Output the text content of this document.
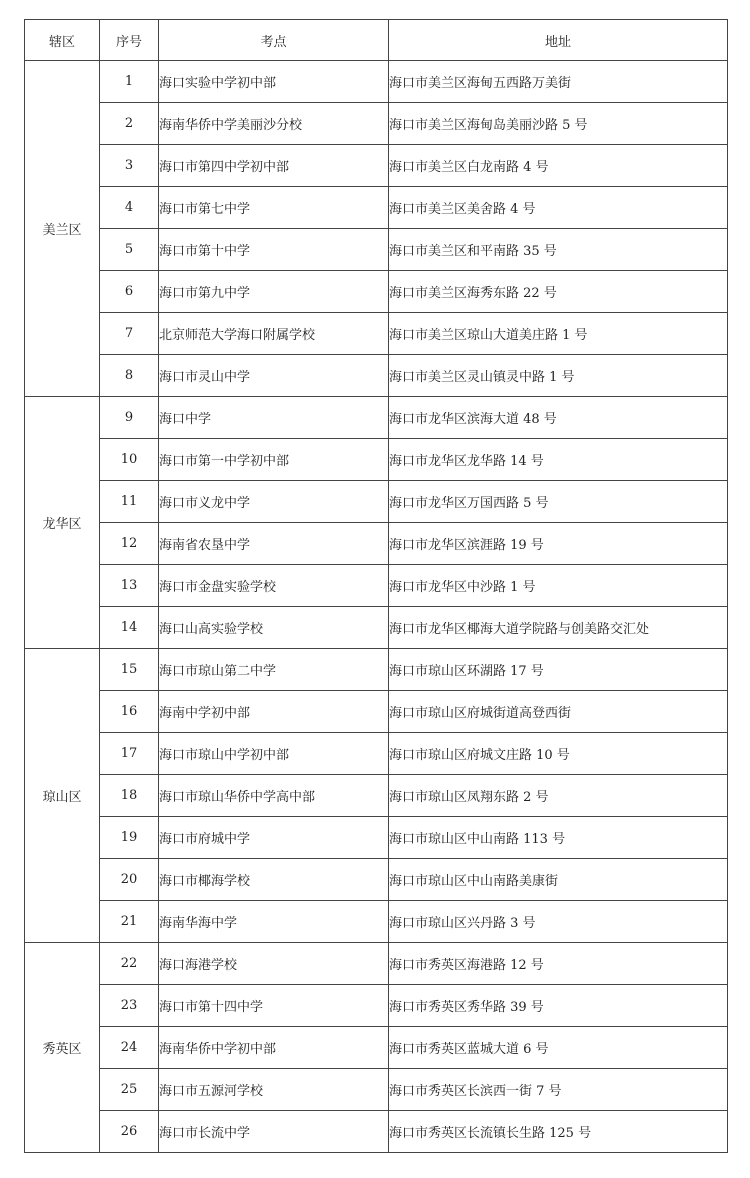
辖区	序号	考点	地址
美兰区	1	海口实验中学初中部	海口市美兰区海甸五西路万美街
	2	海南华侨中学美丽沙分校	海口市美兰区海甸岛美丽沙路 5 号
	3	海口市第四中学初中部	海口市美兰区白龙南路 4 号
	4	海口市第七中学	海口市美兰区美舍路 4 号
	5	海口市第十中学	海口市美兰区和平南路 35 号
	6	海口市第九中学	海口市美兰区海秀东路 22 号
	7	北京师范大学海口附属学校	海口市美兰区琼山大道美庄路 1 号
	8	海口市灵山中学	海口市美兰区灵山镇灵中路 1 号
龙华区	9	海口中学	海口市龙华区滨海大道 48 号
	10	海口市第一中学初中部	海口市龙华区龙华路 14 号
	11	海口市义龙中学	海口市龙华区万国西路 5 号
	12	海南省农垦中学	海口市龙华区滨涯路 19 号
	13	海口市金盘实验学校	海口市龙华区中沙路 1 号
	14	海口山高实验学校	海口市龙华区椰海大道学院路与创美路交汇处
琼山区	15	海口市琼山第二中学	海口市琼山区环湖路 17 号
	16	海南中学初中部	海口市琼山区府城街道高登西街
	17	海口市琼山中学初中部	海口市琼山区府城文庄路 10 号
	18	海口市琼山华侨中学高中部	海口市琼山区凤翔东路 2 号
	19	海口市府城中学	海口市琼山区中山南路 113 号
	20	海口市椰海学校	海口市琼山区中山南路美康街
	21	海南华海中学	海口市琼山区兴丹路 3 号
秀英区	22	海口海港学校	海口市秀英区海港路 12 号
	23	海口市第十四中学	海口市秀英区秀华路 39 号
	24	海南华侨中学初中部	海口市秀英区蓝城大道 6 号
	25	海口市五源河学校	海口市秀英区长滨西一街 7 号
	26	海口市长流中学	海口市秀英区长流镇长生路 125 号
